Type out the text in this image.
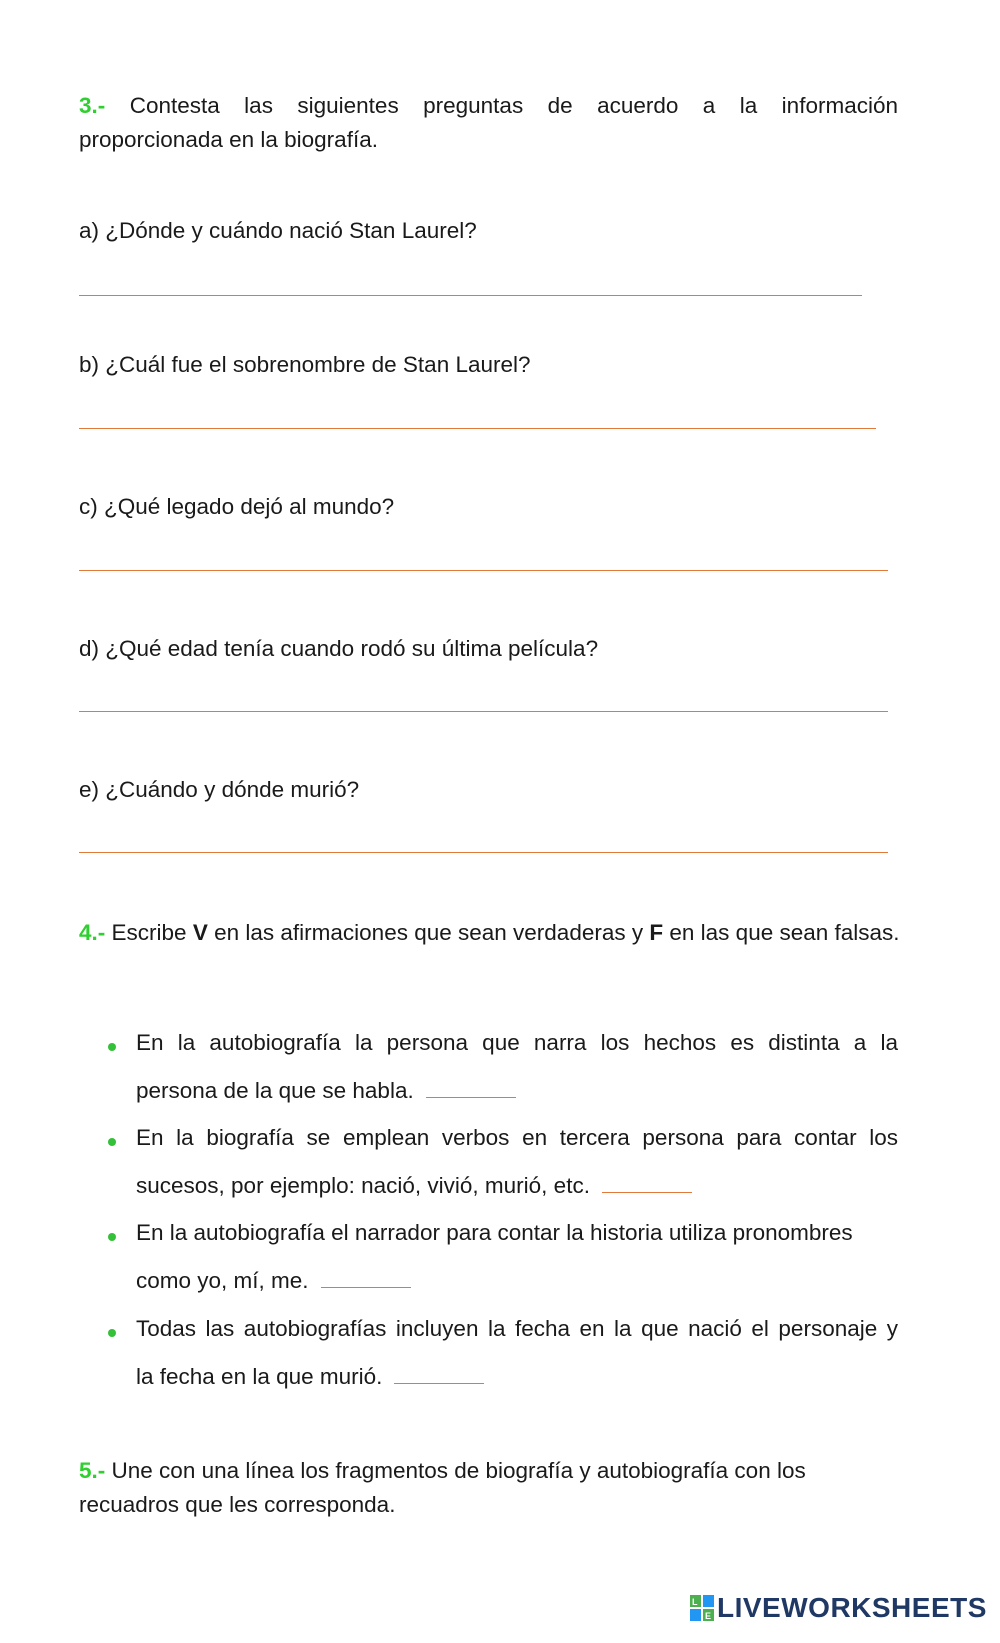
3.- Contesta las siguientes preguntas de acuerdo a la información
proporcionada en la biografía.
a) ¿Dónde y cuándo nació Stan Laurel?
b) ¿Cuál fue el sobrenombre de Stan Laurel?
c) ¿Qué legado dejó al mundo?
d) ¿Qué edad tenía cuando rodó su última película?
e) ¿Cuándo y dónde murió?
4.- Escribe V en las afirmaciones que sean verdaderas y F en las que sean falsas.
En la autobiografía la persona que narra los hechos es distinta a la
persona de la que se habla.
En la biografía se emplean verbos en tercera persona para contar los
sucesos, por ejemplo: nació, vivió, murió, etc.
En la autobiografía el narrador para contar la historia utiliza pronombres
como yo, mí, me.
Todas las autobiografías incluyen la fecha en la que nació el personaje y
la fecha en la que murió.
5.- Une con una línea los fragmentos de biografía y autobiografía con los
recuadros que les corresponda.
L
E LIVEWORKSHEETS
